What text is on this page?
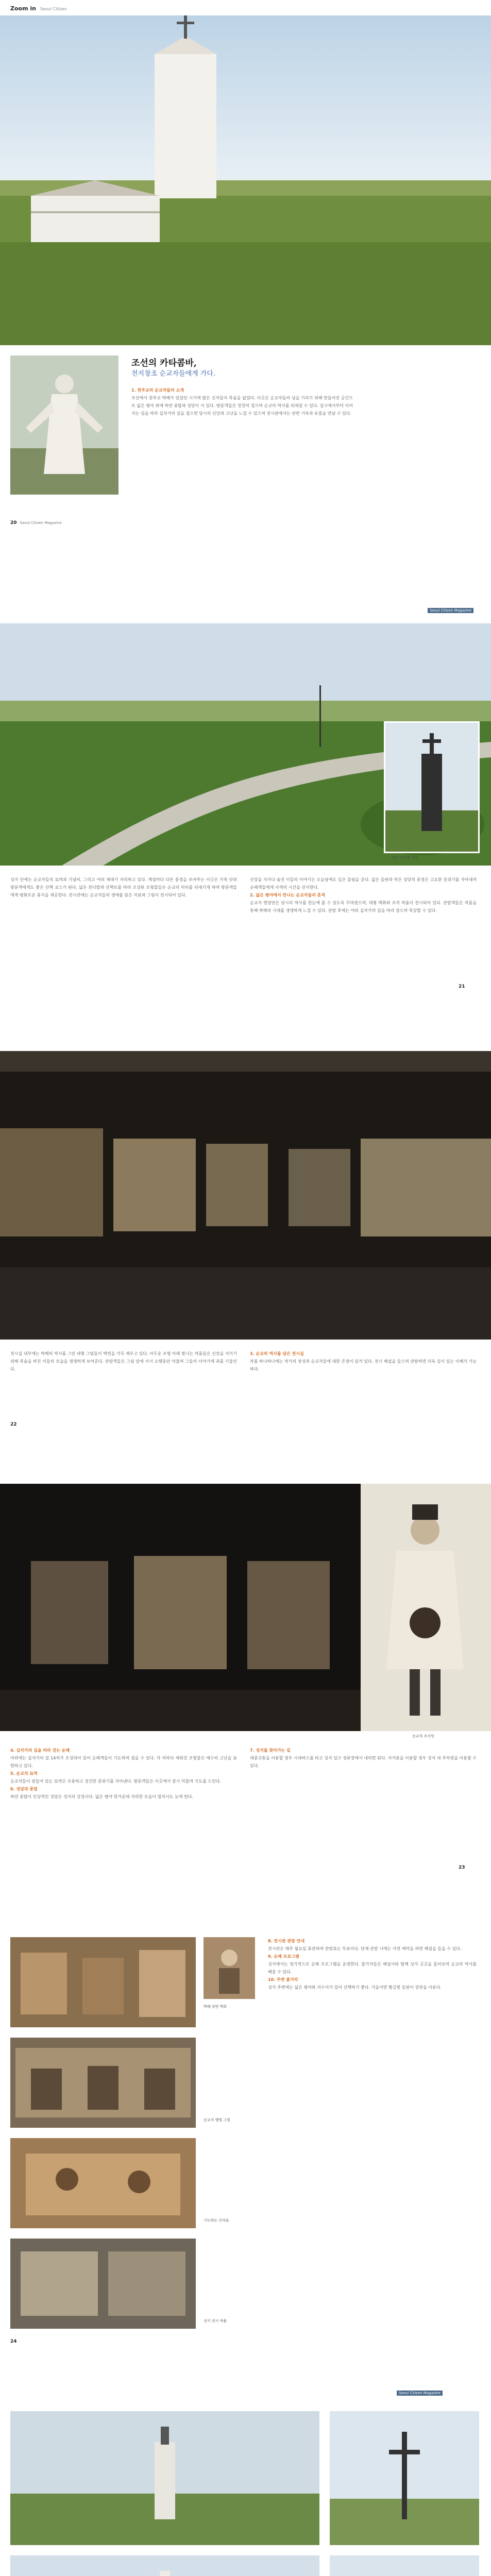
Zoom in Seoul Citizen
조선의 카타콤바,
천지창조 순교자들에게 가다.
1. 천주교의 순교자들의 소개
조선에서 천주교 박해가 있었던 시기에 많은 신자들이 목숨을 잃었다. 이곳은 순교자들의 넋을 기리기 위해 만들어진 공간으로 넓은 평야 위에 하얀 종탑과 성당이 서 있다. 방문객들은 천천히 걸으며 순교의 역사를 되새길 수 있다. 입구에서부터 이어지는 길을 따라 십자가의 길을 걸으면 당시의 신앙과 고난을 느낄 수 있으며 전시관에서는 관련 기록과 유물을 만날 수 있다.
20 Seoul Citizen Magazine
Seoul Citizen Magazine
성지 전경과 종탑
성지 안에는 순교자들의 묘역과 기념비, 그리고 야외 제대가 자리하고 있다. 계절마다 다른 풍경을 보여주는 이곳은 가족 단위 방문객에게도 좋은 산책 코스가 된다. 넓은 잔디밭과 산책로를 따라 조성된 조형물들은 순교의 의미를 되새기게 하며 방문객들에게 평화로운 휴식을 제공한다. 전시관에는 순교자들의 생애를 담은 자료와 그림이 전시되어 있다.
신앙을 지키다 숨진 이들의 이야기는 오늘날에도 깊은 울림을 준다. 넓은 들판과 작은 성당의 풍경은 고요한 분위기를 자아내며 순례객들에게 사색의 시간을 선사한다.
2. 넓은 평야에서 만나는 순교자들의 흔적
순교자 현양관은 당시의 역사를 한눈에 볼 수 있도록 꾸며졌으며, 대형 벽화와 조각 작품이 전시되어 있다. 관람객들은 작품을 통해 박해의 시대를 생생하게 느낄 수 있다. 관람 후에는 야외 십자가의 길을 따라 걸으며 묵상할 수 있다.
21
전시실 내부에는 박해의 역사를 그린 대형 그림들이 벽면을 가득 채우고 있다. 어두운 조명 아래 빛나는 작품들은 신앙을 지키기 위해 목숨을 바친 이들의 모습을 생생하게 보여준다. 관람객들은 그림 앞에 서서 오랫동안 머물며 그들의 이야기에 귀를 기울인다.
3. 순교의 역사를 담은 전시실
작품 하나하나에는 작가의 정성과 순교자들에 대한 존경이 담겨 있다. 전시 해설을 들으며 관람하면 더욱 깊이 있는 이해가 가능하다.
22
순교자 조각상
4. 십자가의 길을 따라 걷는 순례
야외에는 십자가의 길 14처가 조성되어 있어 순례객들이 기도하며 걸을 수 있다. 각 처마다 세워진 조형물은 예수의 고난을 표현하고 있다.
5. 순교자 묘역
순교자들이 잠들어 있는 묘역은 조용하고 경건한 분위기를 자아낸다. 방문객들은 이곳에서 잠시 머물며 기도를 드린다.
6. 성당과 종탑
하얀 종탑이 인상적인 성당은 성지의 상징이다. 넓은 평야 한가운데 자리한 모습이 멀리서도 눈에 띈다.
7. 성지를 찾아가는 길
대중교통을 이용할 경우 시내버스를 타고 성지 입구 정류장에서 내리면 된다. 자가용을 이용할 경우 성지 내 주차장을 이용할 수 있다.
23
박해 장면 벽화
순교자 행렬 그림
기도하는 신자들
성지 전시 작품
8. 전시관 관람 안내
전시관은 매주 월요일 휴관하며 관람료는 무료이다. 단체 관람 시에는 사전 예약을 하면 해설을 들을 수 있다.
9. 순례 프로그램
성지에서는 정기적으로 순례 프로그램을 운영한다. 참가자들은 해설사와 함께 성지 곳곳을 둘러보며 순교의 역사를 배울 수 있다.
10. 주변 볼거리
성지 주변에는 넓은 평야와 저수지가 있어 산책하기 좋다. 가을이면 황금빛 들판이 장관을 이룬다.
24
Seoul Citizen Magazine
